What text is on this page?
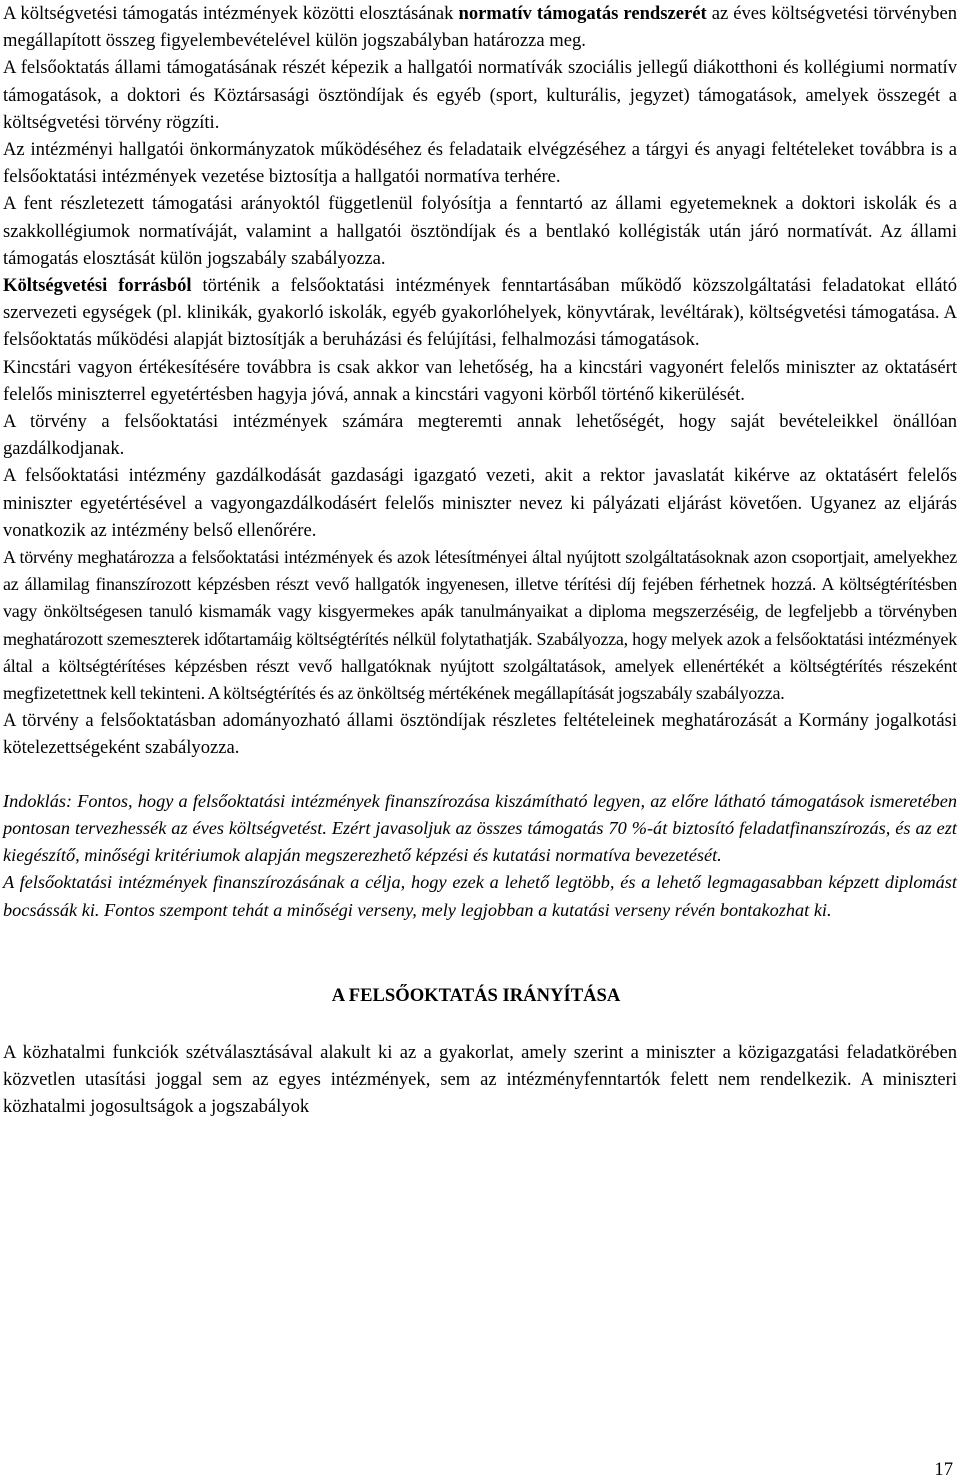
A költségvetési támogatás intézmények közötti elosztásának normatív támogatás rendszerét az éves költségvetési törvényben megállapított összeg figyelembevételével külön jogszabályban határozza meg.

A felsőoktatás állami támogatásának részét képezik a hallgatói normatívák szociális jellegű diákotthoni és kollégiumi normatív támogatások, a doktori és Köztársasági ösztöndíjak és egyéb (sport, kulturális, jegyzet) támogatások, amelyek összegét a költségvetési törvény rögzíti.

Az intézményi hallgatói önkormányzatok működéséhez és feladataik elvégzéséhez a tárgyi és anyagi feltételeket továbbra is a felsőoktatási intézmények vezetése biztosítja a hallgatói normatíva terhére.

A fent részletezett támogatási arányoktól függetlenül folyósítja a fenntartó az állami egyetemeknek a doktori iskolák és a szakkollégiumok normatíváját, valamint a hallgatói ösztöndíjak és a bentlakó kollégisták után járó normatívát. Az állami támogatás elosztását külön jogszabály szabályozza.

Költségvetési forrásból történik a felsőoktatási intézmények fenntartásában működő közszolgáltatási feladatokat ellátó szervezeti egységek (pl. klinikák, gyakorló iskolák, egyéb gyakorlóhelyek, könyvtárak, levéltárak), költségvetési támogatása. A felsőoktatás működési alapját biztosítják a beruházási és felújítási, felhalmozási támogatások.

Kincstári vagyon értékesítésére továbbra is csak akkor van lehetőség, ha a kincstári vagyonért felelős miniszter az oktatásért felelős miniszterrel egyetértésben hagyja jóvá, annak a kincstári vagyoni körből történő kikerülését.

A törvény a felsőoktatási intézmények számára megteremti annak lehetőségét, hogy saját bevételeikkel önállóan gazdálkodjanak.

A felsőoktatási intézmény gazdálkodását gazdasági igazgató vezeti, akit a rektor javaslatát kikérve az oktatásért felelős miniszter egyetértésével a vagyongazdálkodásért felelős miniszter nevez ki pályázati eljárást követően. Ugyanez az eljárás vonatkozik az intézmény belső ellenőrére.

A törvény meghatározza a felsőoktatási intézmények és azok létesítményei által nyújtott szolgáltatásoknak azon csoportjait, amelyekhez az államilag finanszírozott képzésben részt vevő hallgatók ingyenesen, illetve térítési díj fejében férhetnek hozzá. A költségtérítésben vagy önköltségesen tanuló kismamák vagy kisgyermekes apák tanulmányaikat a diploma megszerzéséig, de legfeljebb a törvényben meghatározott szemeszterek időtartamáig költségtérítés nélkül folytathatják. Szabályozza, hogy melyek azok a felsőoktatási intézmények által a költségtérítéses képzésben részt vevő hallgatóknak nyújtott szolgáltatások, amelyek ellenértékét a költségtérítés részeként megfizetettnek kell tekinteni. A költségtérítés és az önköltség mértékének megállapítását jogszabály szabályozza.

A törvény a felsőoktatásban adományozható állami ösztöndíjak részletes feltételeinek meghatározását a Kormány jogalkotási kötelezettségeként szabályozza.

Indoklás: Fontos, hogy a felsőoktatási intézmények finanszírozása kiszámítható legyen, az előre látható támogatások ismeretében pontosan tervezhessék az éves költségvetést. Ezért javasoljuk az összes támogatás 70 %-át biztosító feladatfinanszírozás, és az ezt kiegészítő, minőségi kritériumok alapján megszerezhető képzési és kutatási normatíva bevezetését.

A felsőoktatási intézmények finanszírozásának a célja, hogy ezek a lehető legtöbb, és a lehető legmagasabban képzett diplomást bocsássák ki. Fontos szempont tehát a minőségi verseny, mely legjobban a kutatási verseny révén bontakozhat ki.

A FELSŐOKTATÁS IRÁNYÍTÁSA

A közhatalmi funkciók szétválasztásával alakult ki az a gyakorlat, amely szerint a miniszter a közigazgatási feladatkörében közvetlen utasítási joggal sem az egyes intézmények, sem az intézményfenntartók felett nem rendelkezik. A miniszteri közhatalmi jogosultságok a jogszabályok

17
